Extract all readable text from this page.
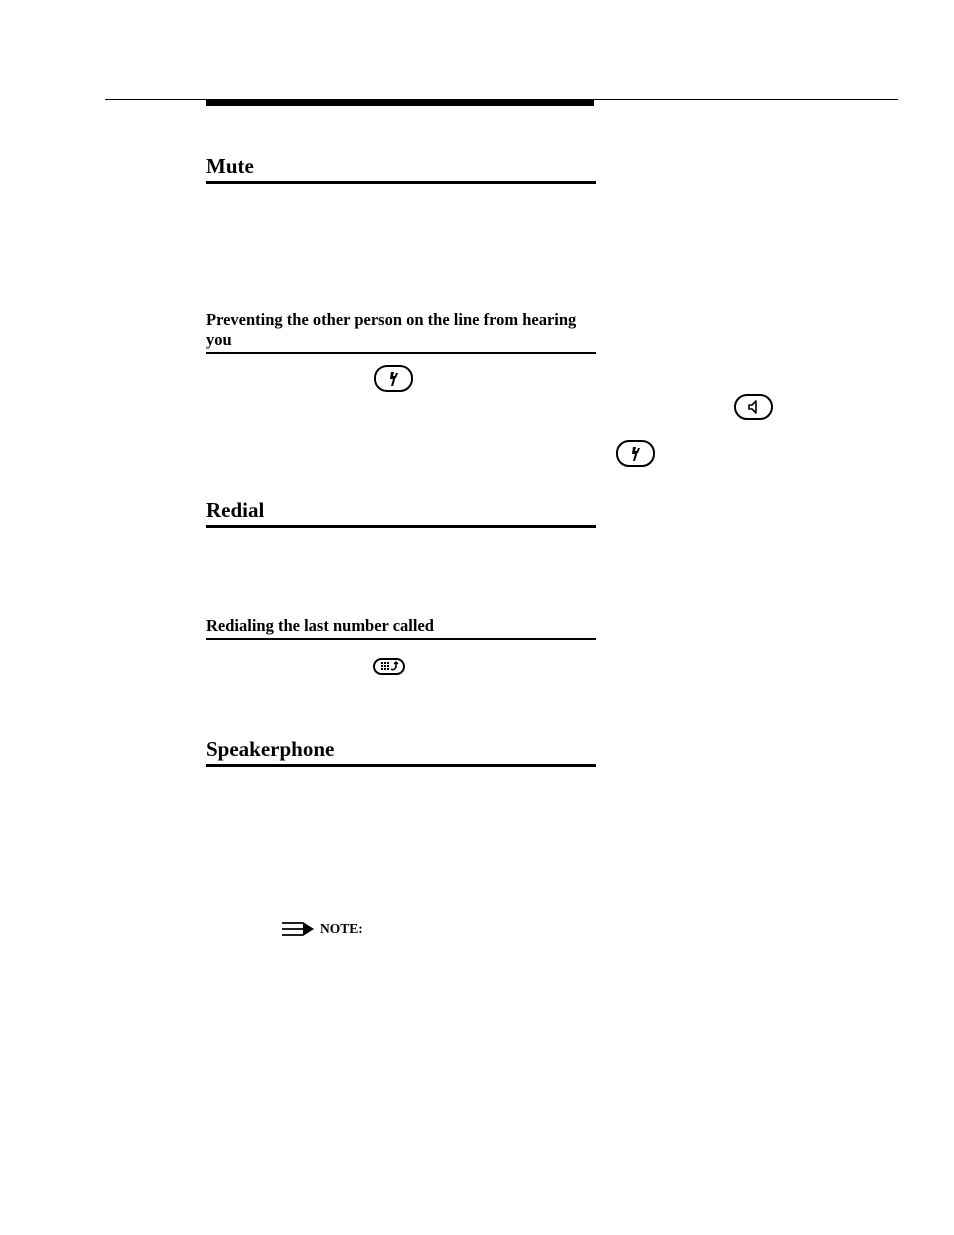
Mute
Preventing the other person on the line from hearing you
Redial
Redialing the last number called
Speakerphone
NOTE:
